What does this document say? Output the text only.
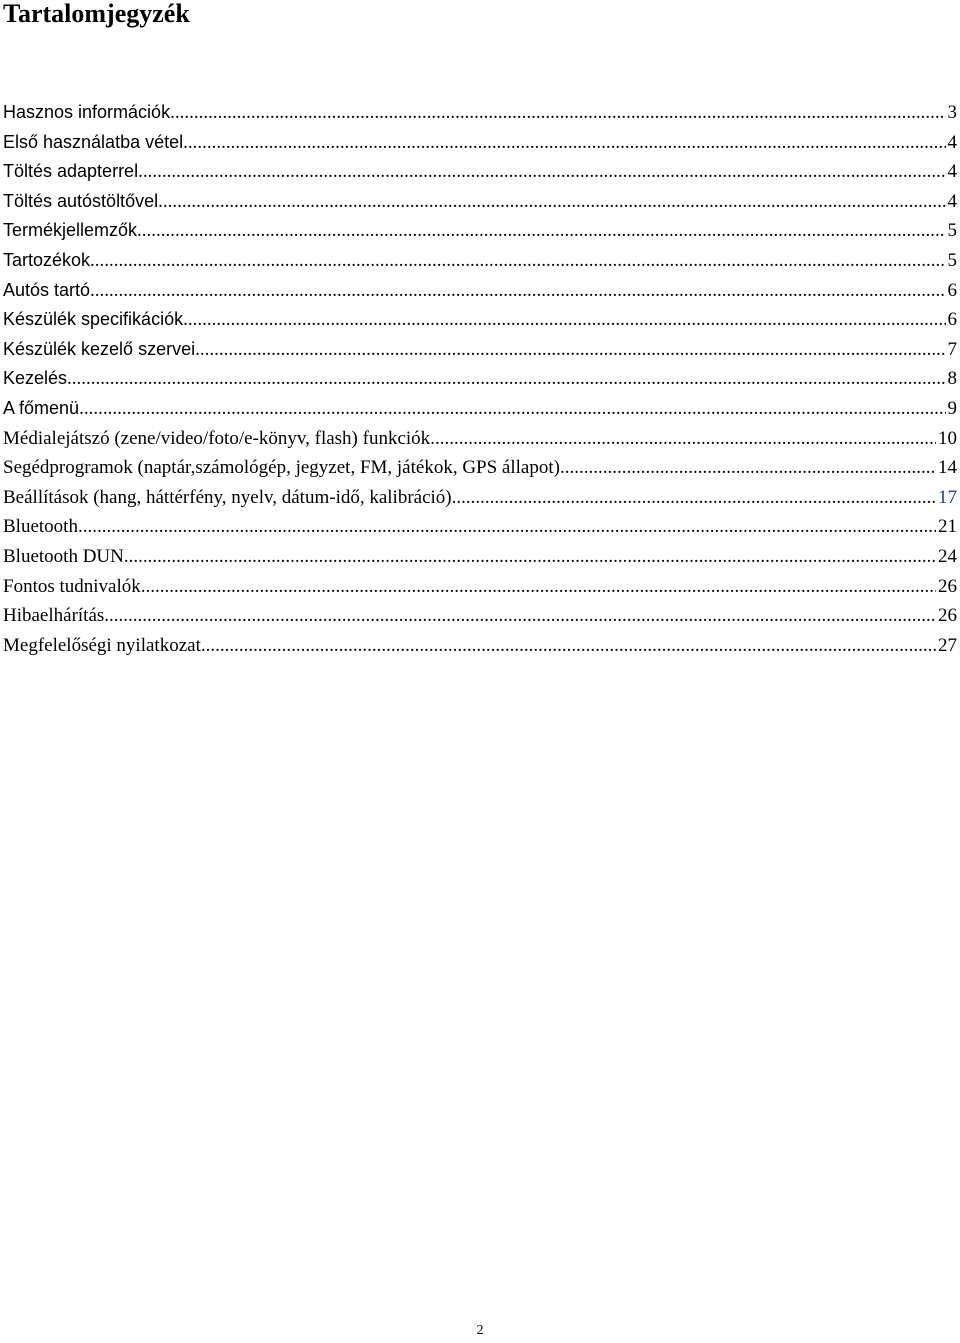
Tartalomjegyzék
Hasznos információk .....	3
Első használatba vétel .....	4
Töltés adapterrel .....	4
Töltés autóstöltővel .....	4
Termékjellemzők .....	5
Tartozékok .....	5
Autós tartó .....	6
Készülék specifikációk .....	6
Készülék kezelő szervei .....	7
Kezelés .....	8
A főmenü .....	9
Médialejátszó (zene/video/foto/e-könyv, flash) funkciók .....	10
Segédprogramok (naptár,számológép, jegyzet, FM, játékok, GPS állapot) .....	14
Beállítások (hang, háttérfény, nyelv, dátum-idő, kalibráció) .....	17
Bluetooth .....	21
Bluetooth DUN .....	24
Fontos tudnivalók .....	26
Hibaelhárítás .....	26
Megfelelőségi nyilatkozat .....	27
2
